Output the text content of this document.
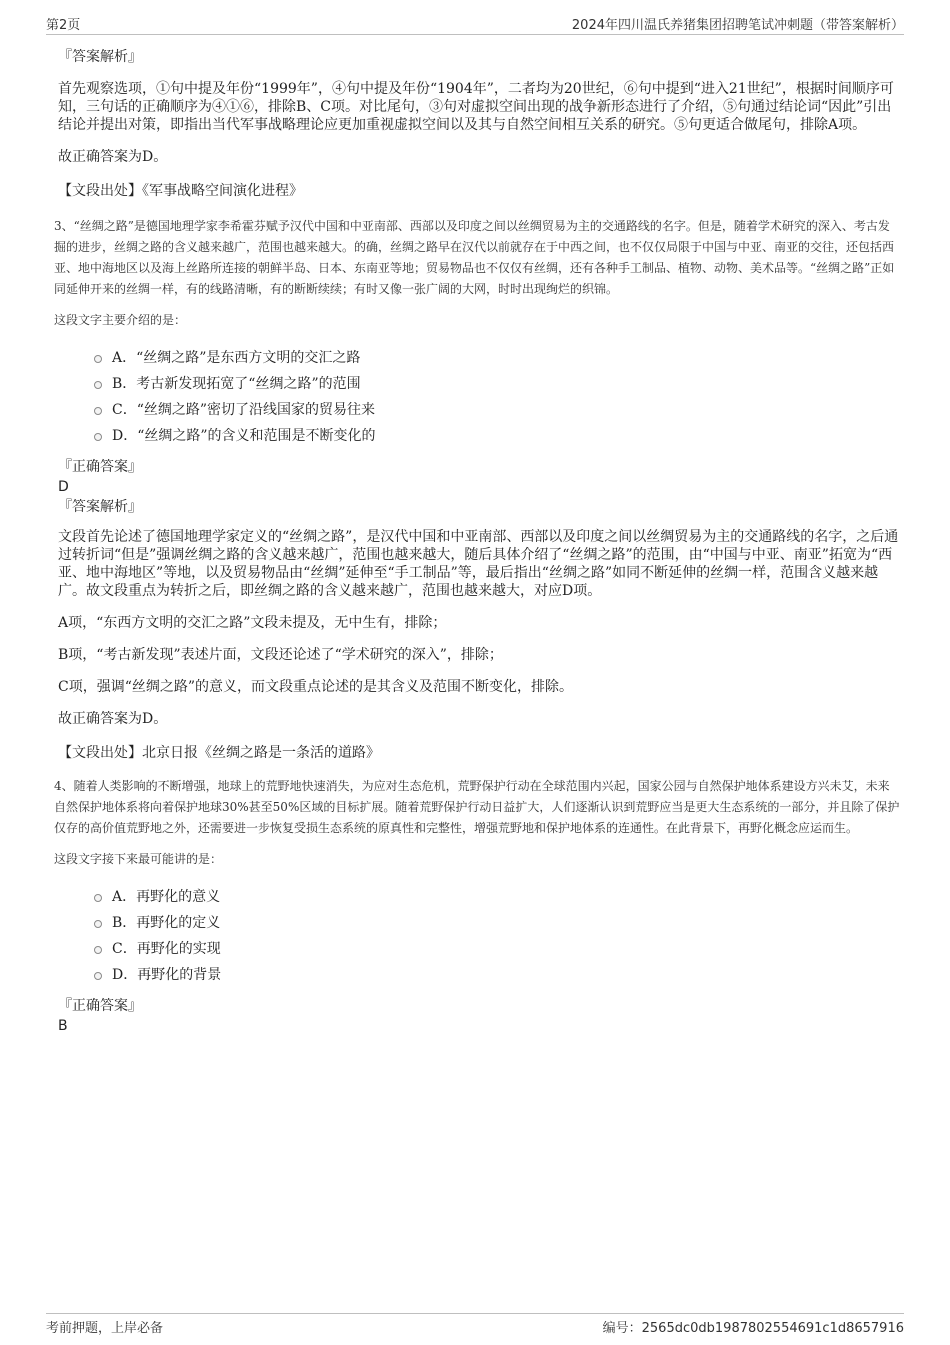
第2页	2024年四川温氏养猪集团招聘笔试冲刺题（带答案解析）
『答案解析』

首先观察选项，①句中提及年份“1999年”，④句中提及年份“1904年”，二者均为20世纪，⑥句中提到“进入21世纪”，根据时间顺序可知，三句话的正确顺序为④①⑥，排除B、C项。对比尾句，③句对虚拟空间出现的战争新形态进行了介绍，⑤句通过结论词“因此”引出结论并提出对策，即指出当代军事战略理论应更加重视虚拟空间以及其与自然空间相互关系的研究。⑤句更适合做尾句，排除A项。

故正确答案为D。
【文段出处】《军事战略空间演化进程》

3、“丝绸之路”是德国地理学家李希霍芬赋予汉代中国和中亚南部、西部以及印度之间以丝绸贸易为主的交通路线的名字。但是，随着学术研究的深入、考古发掘的进步，丝绸之路的含义越来越广，范围也越来越大。的确，丝绸之路早在汉代以前就存在于中西之间，也不仅仅局限于中国与中亚、南亚的交往，还包括西亚、地中海地区以及海上丝路所连接的朝鲜半岛、日本、东南亚等地；贸易物品也不仅仅有丝绸，还有各种手工制品、植物、动物、美术品等。“丝绸之路”正如同延伸开来的丝绸一样，有的线路清晰，有的断断续续；有时又像一张广阔的大网，时时出现绚烂的织锦。

这段文字主要介绍的是：

A．“丝绸之路”是东西方文明的交汇之路
B．考古新发现拓宽了“丝绸之路”的范围
C．“丝绸之路”密切了沿线国家的贸易往来
D．“丝绸之路”的含义和范围是不断变化的
『正确答案』
D
『答案解析』

文段首先论述了德国地理学家定义的“丝绸之路”，是汉代中国和中亚南部、西部以及印度之间以丝绸贸易为主的交通路线的名字，之后通过转折词“但是”强调丝绸之路的含义越来越广，范围也越来越大，随后具体介绍了“丝绸之路”的范围，由“中国与中亚、南亚”拓宽为“西亚、地中海地区”等地，以及贸易物品由“丝绸”延伸至“手工制品”等，最后指出“丝绸之路”如同不断延伸的丝绸一样，范围含义越来越广。故文段重点为转折之后，即丝绸之路的含义越来越广，范围也越来越大，对应D项。

A项，“东西方文明的交汇之路”文段未提及，无中生有，排除；

B项，“考古新发现”表述片面，文段还论述了“学术研究的深入”，排除；

C项，强调“丝绸之路”的意义，而文段重点论述的是其含义及范围不断变化，排除。

故正确答案为D。

【文段出处】北京日报《丝绸之路是一条活的道路》

4、随着人类影响的不断增强，地球上的荒野地快速消失，为应对生态危机，荒野保护行动在全球范围内兴起，国家公园与自然保护地体系建设方兴未艾，未来自然保护地体系将向着保护地球30%甚至50%区域的目标扩展。随着荒野保护行动日益扩大，人们逐渐认识到荒野应当是更大生态系统的一部分，并且除了保护仅存的高价值荒野地之外，还需要进一步恢复受损生态系统的原真性和完整性，增强荒野地和保护地体系的连通性。在此背景下，再野化概念应运而生。

这段文字接下来最可能讲的是：

A．再野化的意义
B．再野化的定义
C．再野化的实现
D．再野化的背景
『正确答案』
B
考前押题，上岸必备	编号：2565dc0db1987802554691c1d8657916
